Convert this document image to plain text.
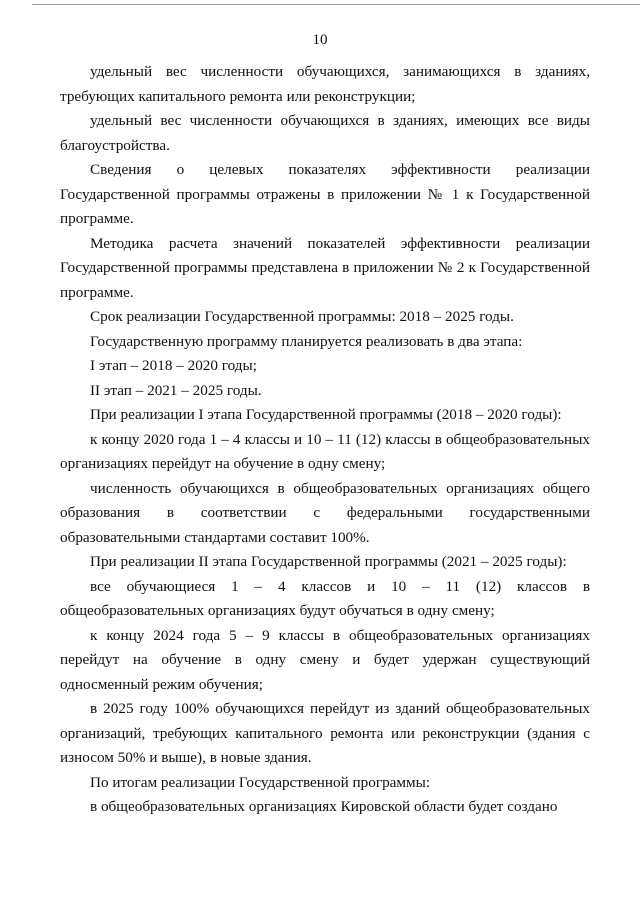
10

удельный вес численности обучающихся, занимающихся в зданиях, требующих капитального ремонта или реконструкции;

удельный вес численности обучающихся в зданиях, имеющих все виды благоустройства.

Сведения о целевых показателях эффективности реализации Государственной программы отражены в приложении № 1 к Государственной программе.

Методика расчета значений показателей эффективности реализации Государственной программы представлена в приложении № 2 к Государственной программе.

Срок реализации Государственной программы: 2018 – 2025 годы.

Государственную программу планируется реализовать в два этапа:

I этап – 2018 – 2020 годы;

II этап – 2021 – 2025 годы.

При реализации I этапа Государственной программы (2018 – 2020 годы):

к концу 2020 года 1 – 4 классы и 10 – 11 (12) классы в общеобразовательных организациях перейдут на обучение в одну смену;

численность обучающихся в общеобразовательных организациях общего образования в соответствии с федеральными государственными образовательными стандартами составит 100%.

При реализации II этапа Государственной программы (2021 – 2025 годы):

все обучающиеся 1 – 4 классов и 10 – 11 (12) классов в общеобразовательных организациях будут обучаться в одну смену;

к концу 2024 года 5 – 9 классы в общеобразовательных организациях перейдут на обучение в одну смену и будет удержан существующий односменный режим обучения;

в 2025 году 100% обучающихся перейдут из зданий общеобразовательных организаций, требующих капитального ремонта или реконструкции (здания с износом 50% и выше), в новые здания.

По итогам реализации Государственной программы:

в общеобразовательных организациях Кировской области будет создано
